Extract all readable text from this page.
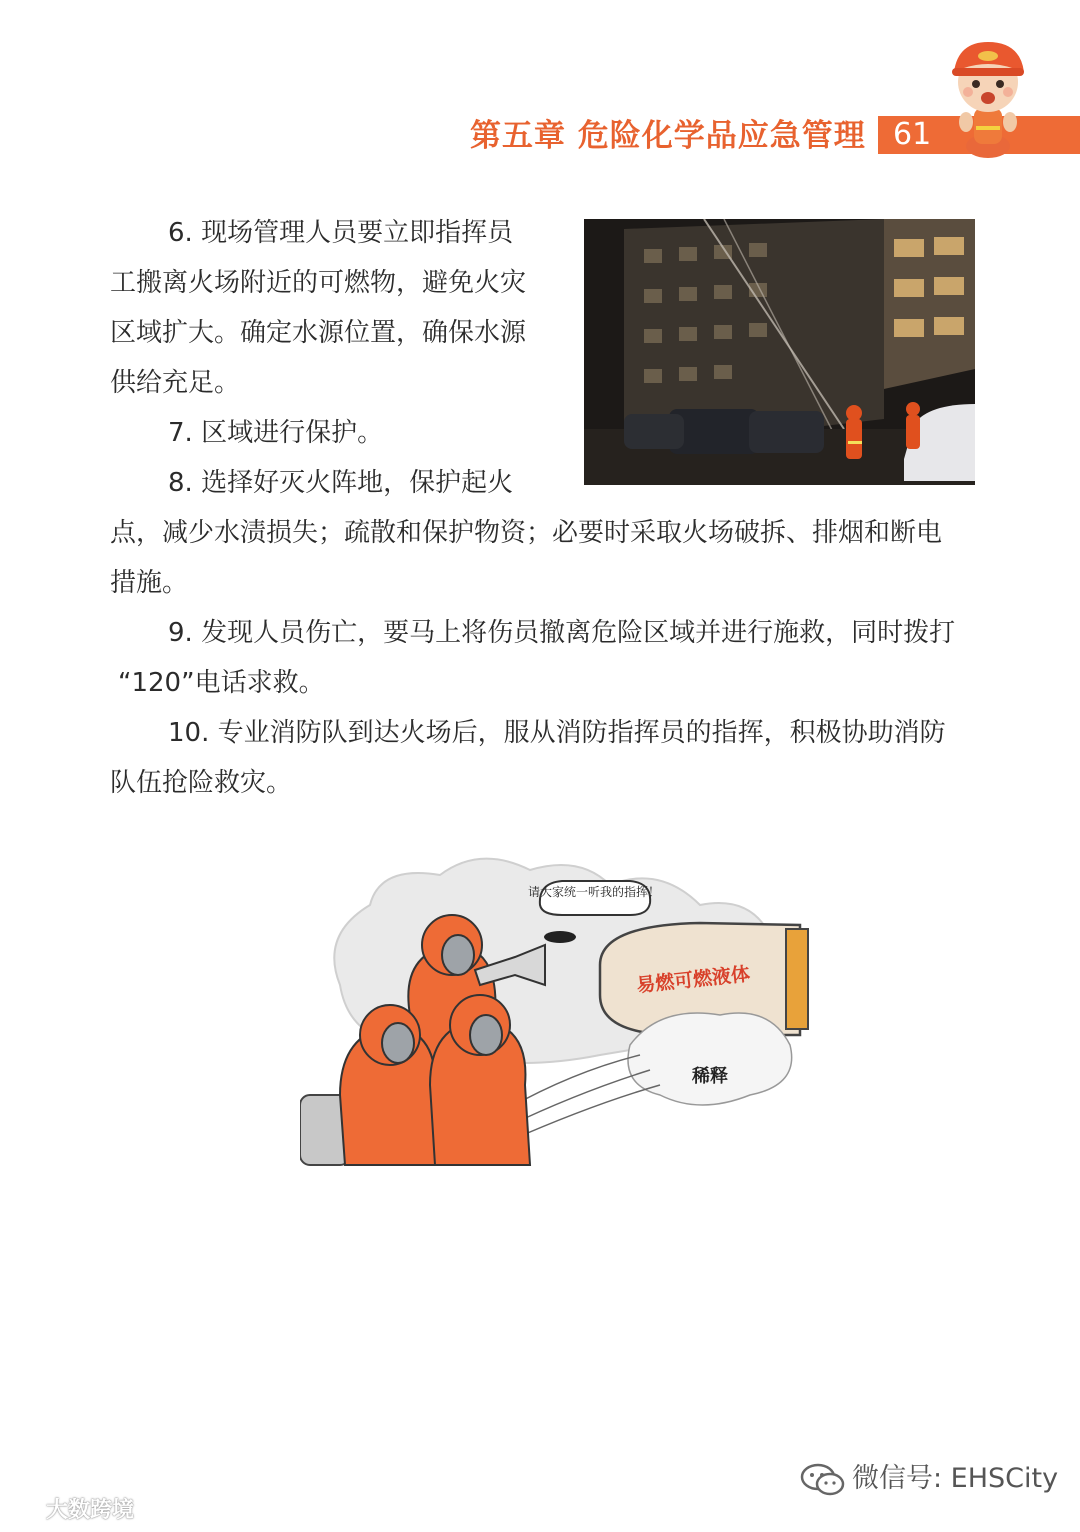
第五章 危险化学品应急管理 61

6. 现场管理人员要立即指挥员

工搬离火场附近的可燃物，避免火灾

区域扩大。确定水源位置，确保水源

供给充足。

7. 区域进行保护。

8. 选择好灭火阵地，保护起火

点，减少水渍损失；疏散和保护物资；必要时采取火场破拆、排烟和断电

措施。

9. 发现人员伤亡，要马上将伤员撤离危险区域并进行施救，同时拨打

“120”电话求救。

10. 专业消防队到达火场后，服从消防指挥员的指挥，积极协助消防

队伍抢险救灾。

请大家统一听我的指挥！
易燃可燃液体
稀释
微信号: EHSCity
大数跨境
